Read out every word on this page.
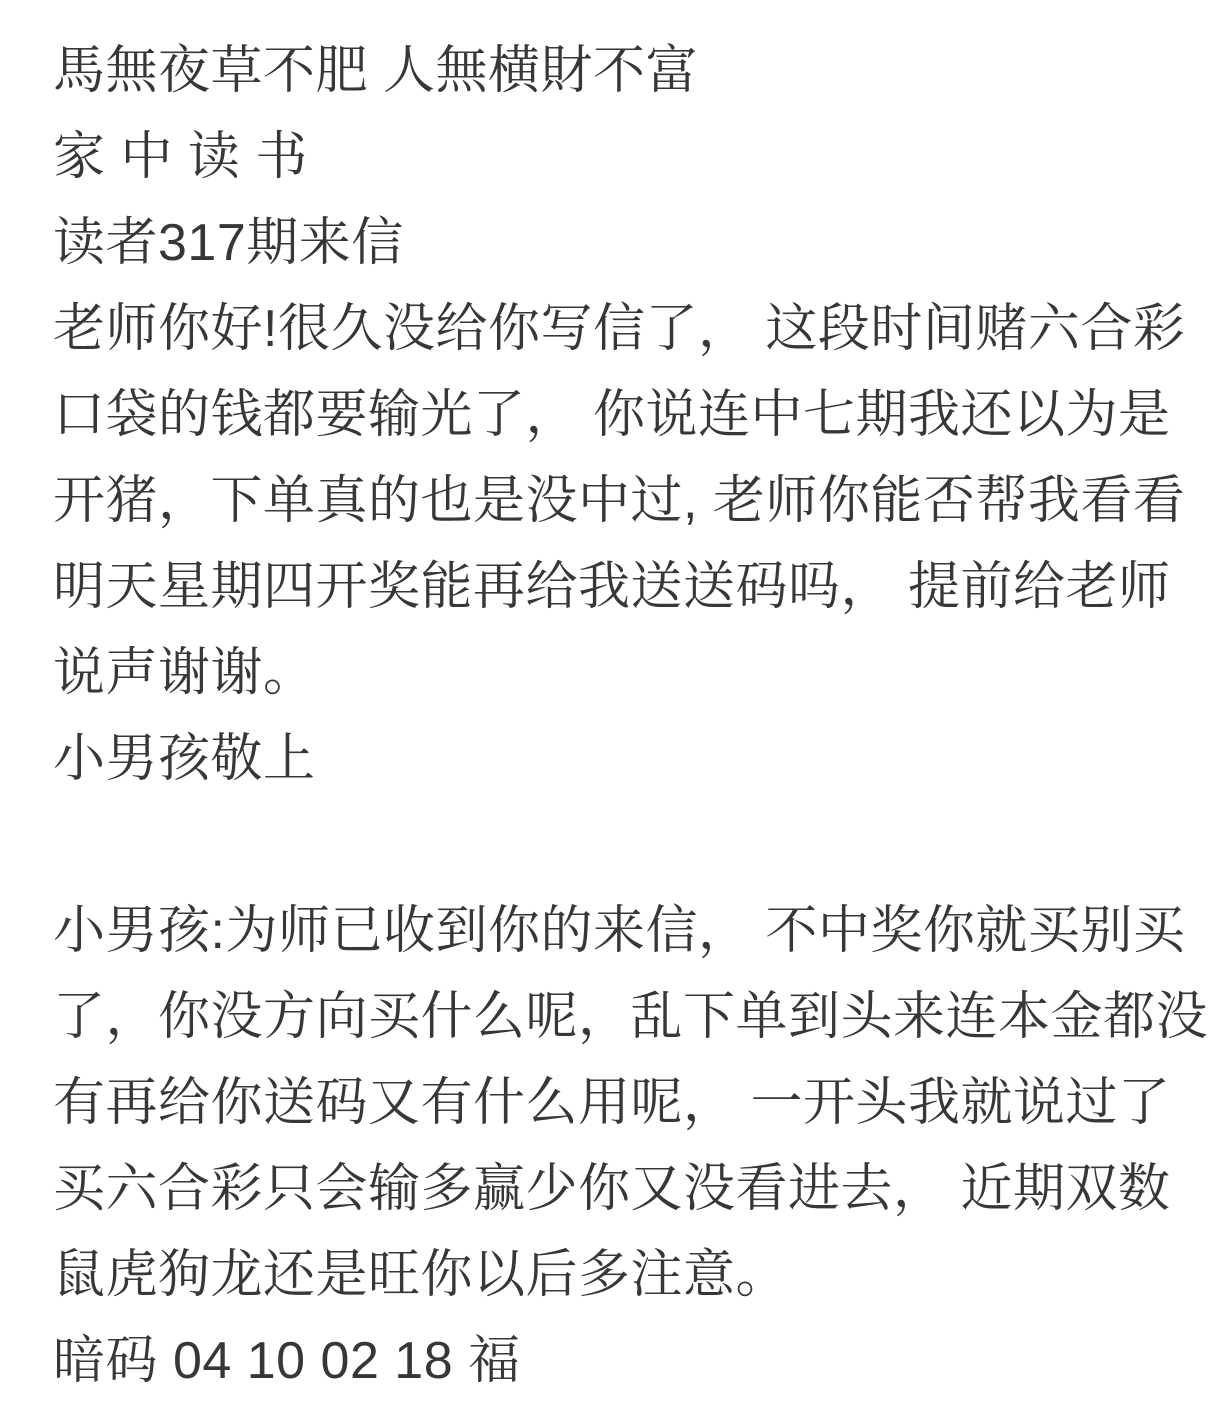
馬無夜草不肥 人無横財不富

家 中 读 书

读者317期来信

老师你好!很久没给你写信了， 这段时间赌六合彩

口袋的钱都要输光了， 你说连中七期我还以为是

开猪，下单真的也是没中过, 老师你能否帮我看看

明天星期四开奖能再给我送送码吗， 提前给老师

说声谢谢。

小男孩敬上

小男孩:为师已收到你的来信， 不中奖你就买别买

了，你没方向买什么呢，乱下单到头来连本金都没

有再给你送码又有什么用呢， 一开头我就说过了

买六合彩只会输多赢少你又没看进去， 近期双数

鼠虎狗龙还是旺你以后多注意。

暗码 04 10 02 18 福
